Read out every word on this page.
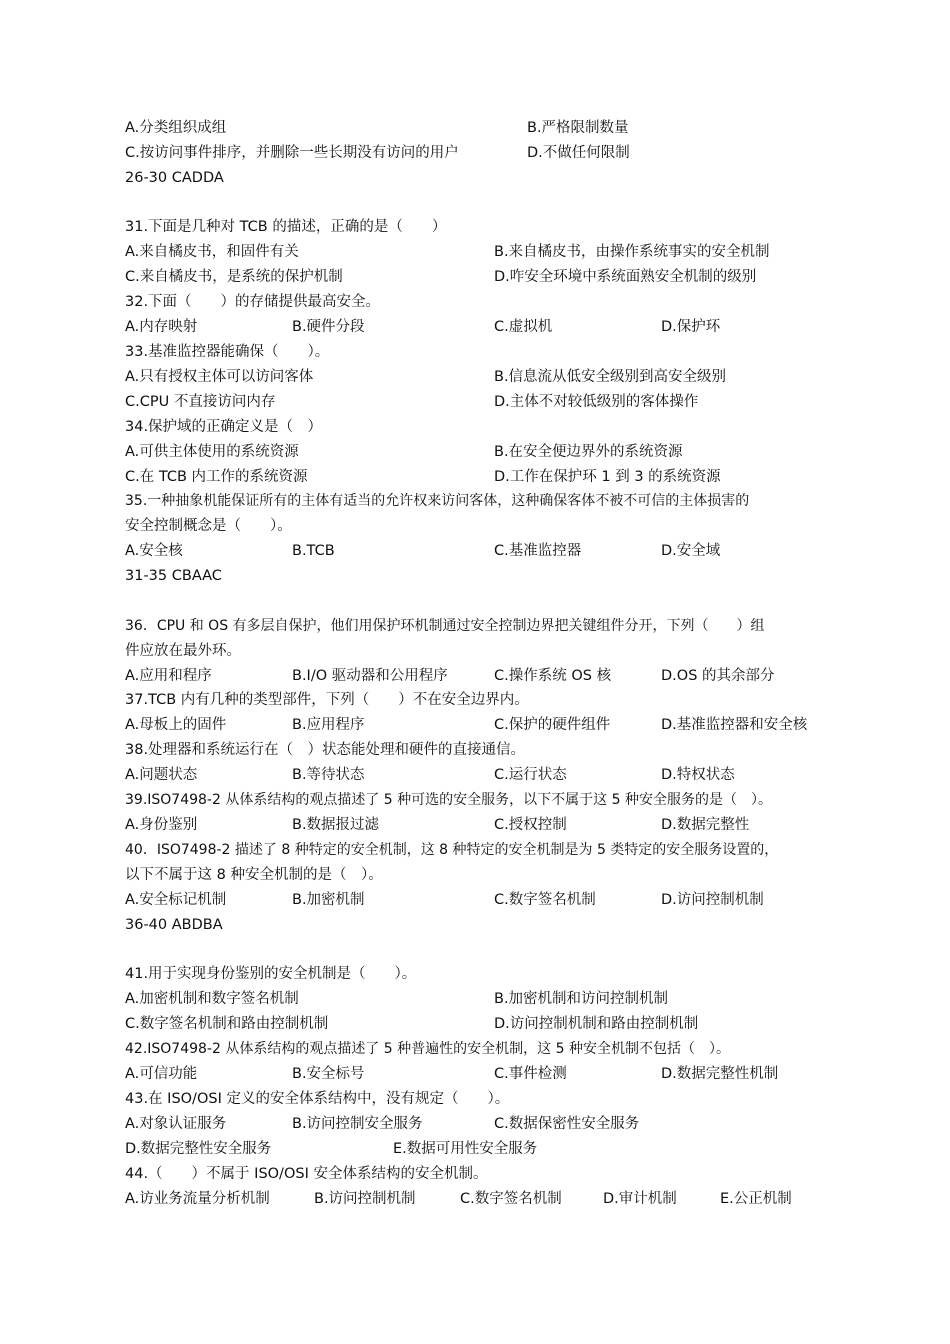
A.分类组织成组	B.严格限制数量
C.按访问事件排序，并删除一些长期没有访问的用户	D.不做任何限制
26-30 CADDA
31.下面是几种对 TCB 的描述，正确的是（　　）
A.来自橘皮书，和固件有关	B.来自橘皮书，由操作系统事实的安全机制
C.来自橘皮书，是系统的保护机制	D.咋安全环境中系统面熟安全机制的级别
32.下面（　　）的存储提供最高安全。
A.内存映射	B.硬件分段	C.虚拟机	D.保护环
33.基准监控器能确保（　　）。
A.只有授权主体可以访问客体	B.信息流从低安全级别到高安全级别
C.CPU 不直接访问内存	D.主体不对较低级别的客体操作
34.保护域的正确定义是（　）
A.可供主体使用的系统资源	B.在安全便边界外的系统资源
C.在 TCB 内工作的系统资源	D.工作在保护环 1 到 3 的系统资源
35.一种抽象机能保证所有的主体有适当的允许权来访问客体，这种确保客体不被不可信的主体损害的
安全控制概念是（　　）。
A.安全核	B.TCB	C.基准监控器	D.安全域
31-35 CBAAC
36．CPU 和 OS 有多层自保护，他们用保护环机制通过安全控制边界把关键组件分开，下列（　　）组
件应放在最外环。
A.应用和程序	B.I/O 驱动器和公用程序	C.操作系统 OS 核	D.OS 的其余部分
37.TCB 内有几种的类型部件，下列（　　）不在安全边界内。
A.母板上的固件	B.应用程序	C.保护的硬件组件	D.基准监控器和安全核
38.处理器和系统运行在（　）状态能处理和硬件的直接通信。
A.问题状态	B.等待状态	C.运行状态	D.特权状态
39.ISO7498-2 从体系结构的观点描述了 5 种可选的安全服务，以下不属于这 5 种安全服务的是（　）。
A.身份鉴别	B.数据报过滤	C.授权控制	D.数据完整性
40．ISO7498-2 描述了 8 种特定的安全机制，这 8 种特定的安全机制是为 5 类特定的安全服务设置的，
以下不属于这 8 种安全机制的是（　）。
A.安全标记机制	B.加密机制	C.数字签名机制	D.访问控制机制
36-40 ABDBA
41.用于实现身份鉴别的安全机制是（　　）。
A.加密机制和数字签名机制	B.加密机制和访问控制机制
C.数字签名机制和路由控制机制	D.访问控制机制和路由控制机制
42.ISO7498-2 从体系结构的观点描述了 5 种普遍性的安全机制，这 5 种安全机制不包括（　）。
A.可信功能	B.安全标号	C.事件检测	D.数据完整性机制
43.在 ISO/OSI 定义的安全体系结构中，没有规定（　　）。
A.对象认证服务	B.访问控制安全服务	C.数据保密性安全服务
D.数据完整性安全服务	E.数据可用性安全服务
44.（　　）不属于 ISO/OSI 安全体系结构的安全机制。
A.访业务流量分析机制	B.访问控制机制	C.数字签名机制	D.审计机制	E.公正机制
